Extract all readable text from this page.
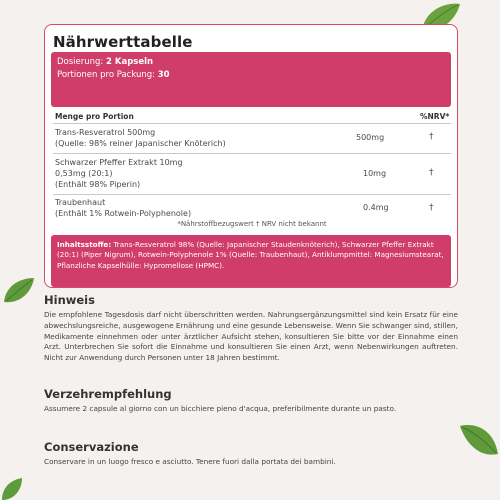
Nährwerttabelle
Dosierung: 2 Kapseln
Portionen pro Packung: 30
Menge pro Portion	%NRV*
Trans-Resveratrol 500mg
(Quelle: 98% reiner Japanischer Knöterich)
500mg	†
Schwarzer Pfeffer Extrakt 10mg
0,53mg (20:1)
(Enthält 98% Piperin)
10mg	†
Traubenhaut
(Enthält 1% Rotwein-Polyphenole)
0.4mg	†
*Nährstoffbezugswert † NRV nicht bekannt
Inhaltsstoffe: Trans-Resveratrol 98% (Quelle: Japanischer Staudenknöterich), Schwarzer Pfeffer Extrakt (20:1) (Piper Nigrum), Rotwein-Polyphenole 1% (Quelle: Traubenhaut), Antiklumpmittel: Magnesiumstearat, Pflanzliche Kapselhülle: Hypromellose (HPMC).
Hinweis
Die empfohlene Tagesdosis darf nicht überschritten werden. Nahrungsergänzungsmittel sind kein Ersatz für eine abwechslungsreiche, ausgewogene Ernährung und eine gesunde Lebensweise. Wenn Sie schwanger sind, stillen, Medikamente einnehmen oder unter ärztlicher Aufsicht stehen, konsultieren Sie bitte vor der Einnahme einen Arzt. Unterbrechen Sie sofort die Einnahme und konsultieren Sie einen Arzt, wenn Nebenwirkungen auftreten. Nicht zur Anwendung durch Personen unter 18 Jahren bestimmt.
Verzehrempfehlung
Assumere 2 capsule al giorno con un bicchiere pieno d'acqua, preferibilmente durante un pasto.
Conservazione
Conservare in un luogo fresco e asciutto. Tenere fuori dalla portata dei bambini.
